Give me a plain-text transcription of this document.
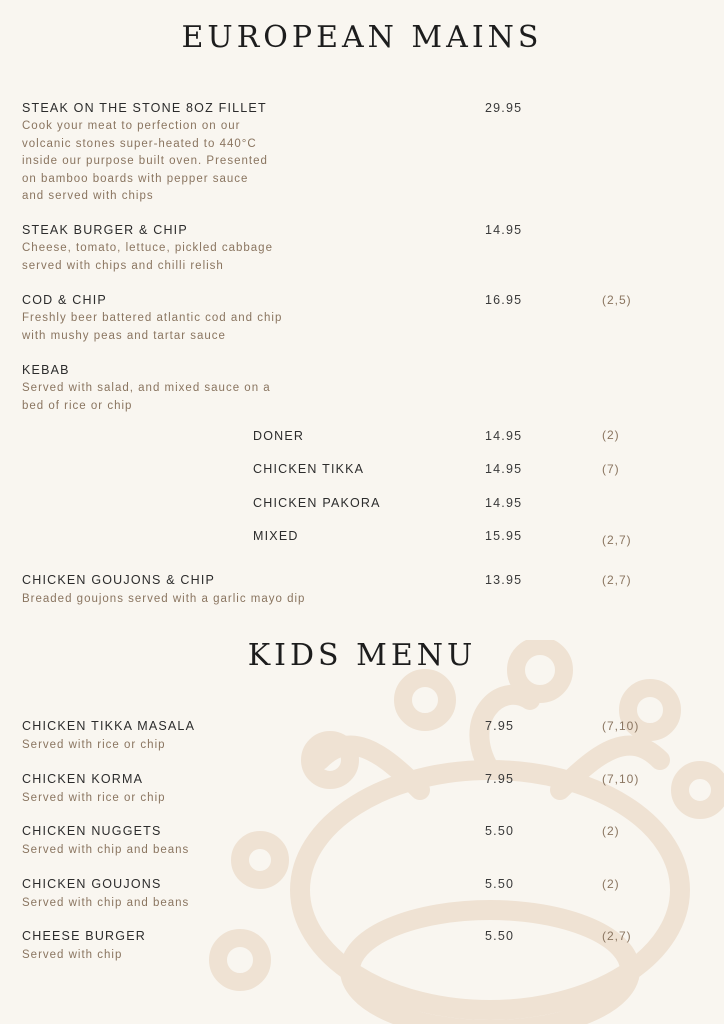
EUROPEAN MAINS
STEAK ON THE STONE 8OZ FILLET	29.95
Cook your meat to perfection on our
volcanic stones super-heated to 440°C
inside our purpose built oven. Presented
on bamboo boards with pepper sauce
and served with chips
STEAK BURGER & CHIP	14.95
Cheese, tomato, lettuce, pickled cabbage
served with chips and chilli relish
COD & CHIP	16.95	(2,5)
Freshly beer battered atlantic cod and chip
with mushy peas and tartar sauce
KEBAB
Served with salad, and mixed sauce on a
bed of rice or chip
DONER	14.95	(2)
CHICKEN TIKKA	14.95	(7)
CHICKEN PAKORA	14.95
MIXED	15.95	(2,7)
CHICKEN GOUJONS & CHIP	13.95	(2,7)
Breaded goujons served with a garlic mayo dip
KIDS MENU
CHICKEN TIKKA MASALA	7.95	(7,10)
Served with rice or chip
CHICKEN KORMA	7.95	(7,10)
Served with rice or chip
CHICKEN NUGGETS	5.50	(2)
Served with chip and beans
CHICKEN GOUJONS	5.50	(2)
Served with chip and beans
CHEESE BURGER	5.50	(2,7)
Served with chip
